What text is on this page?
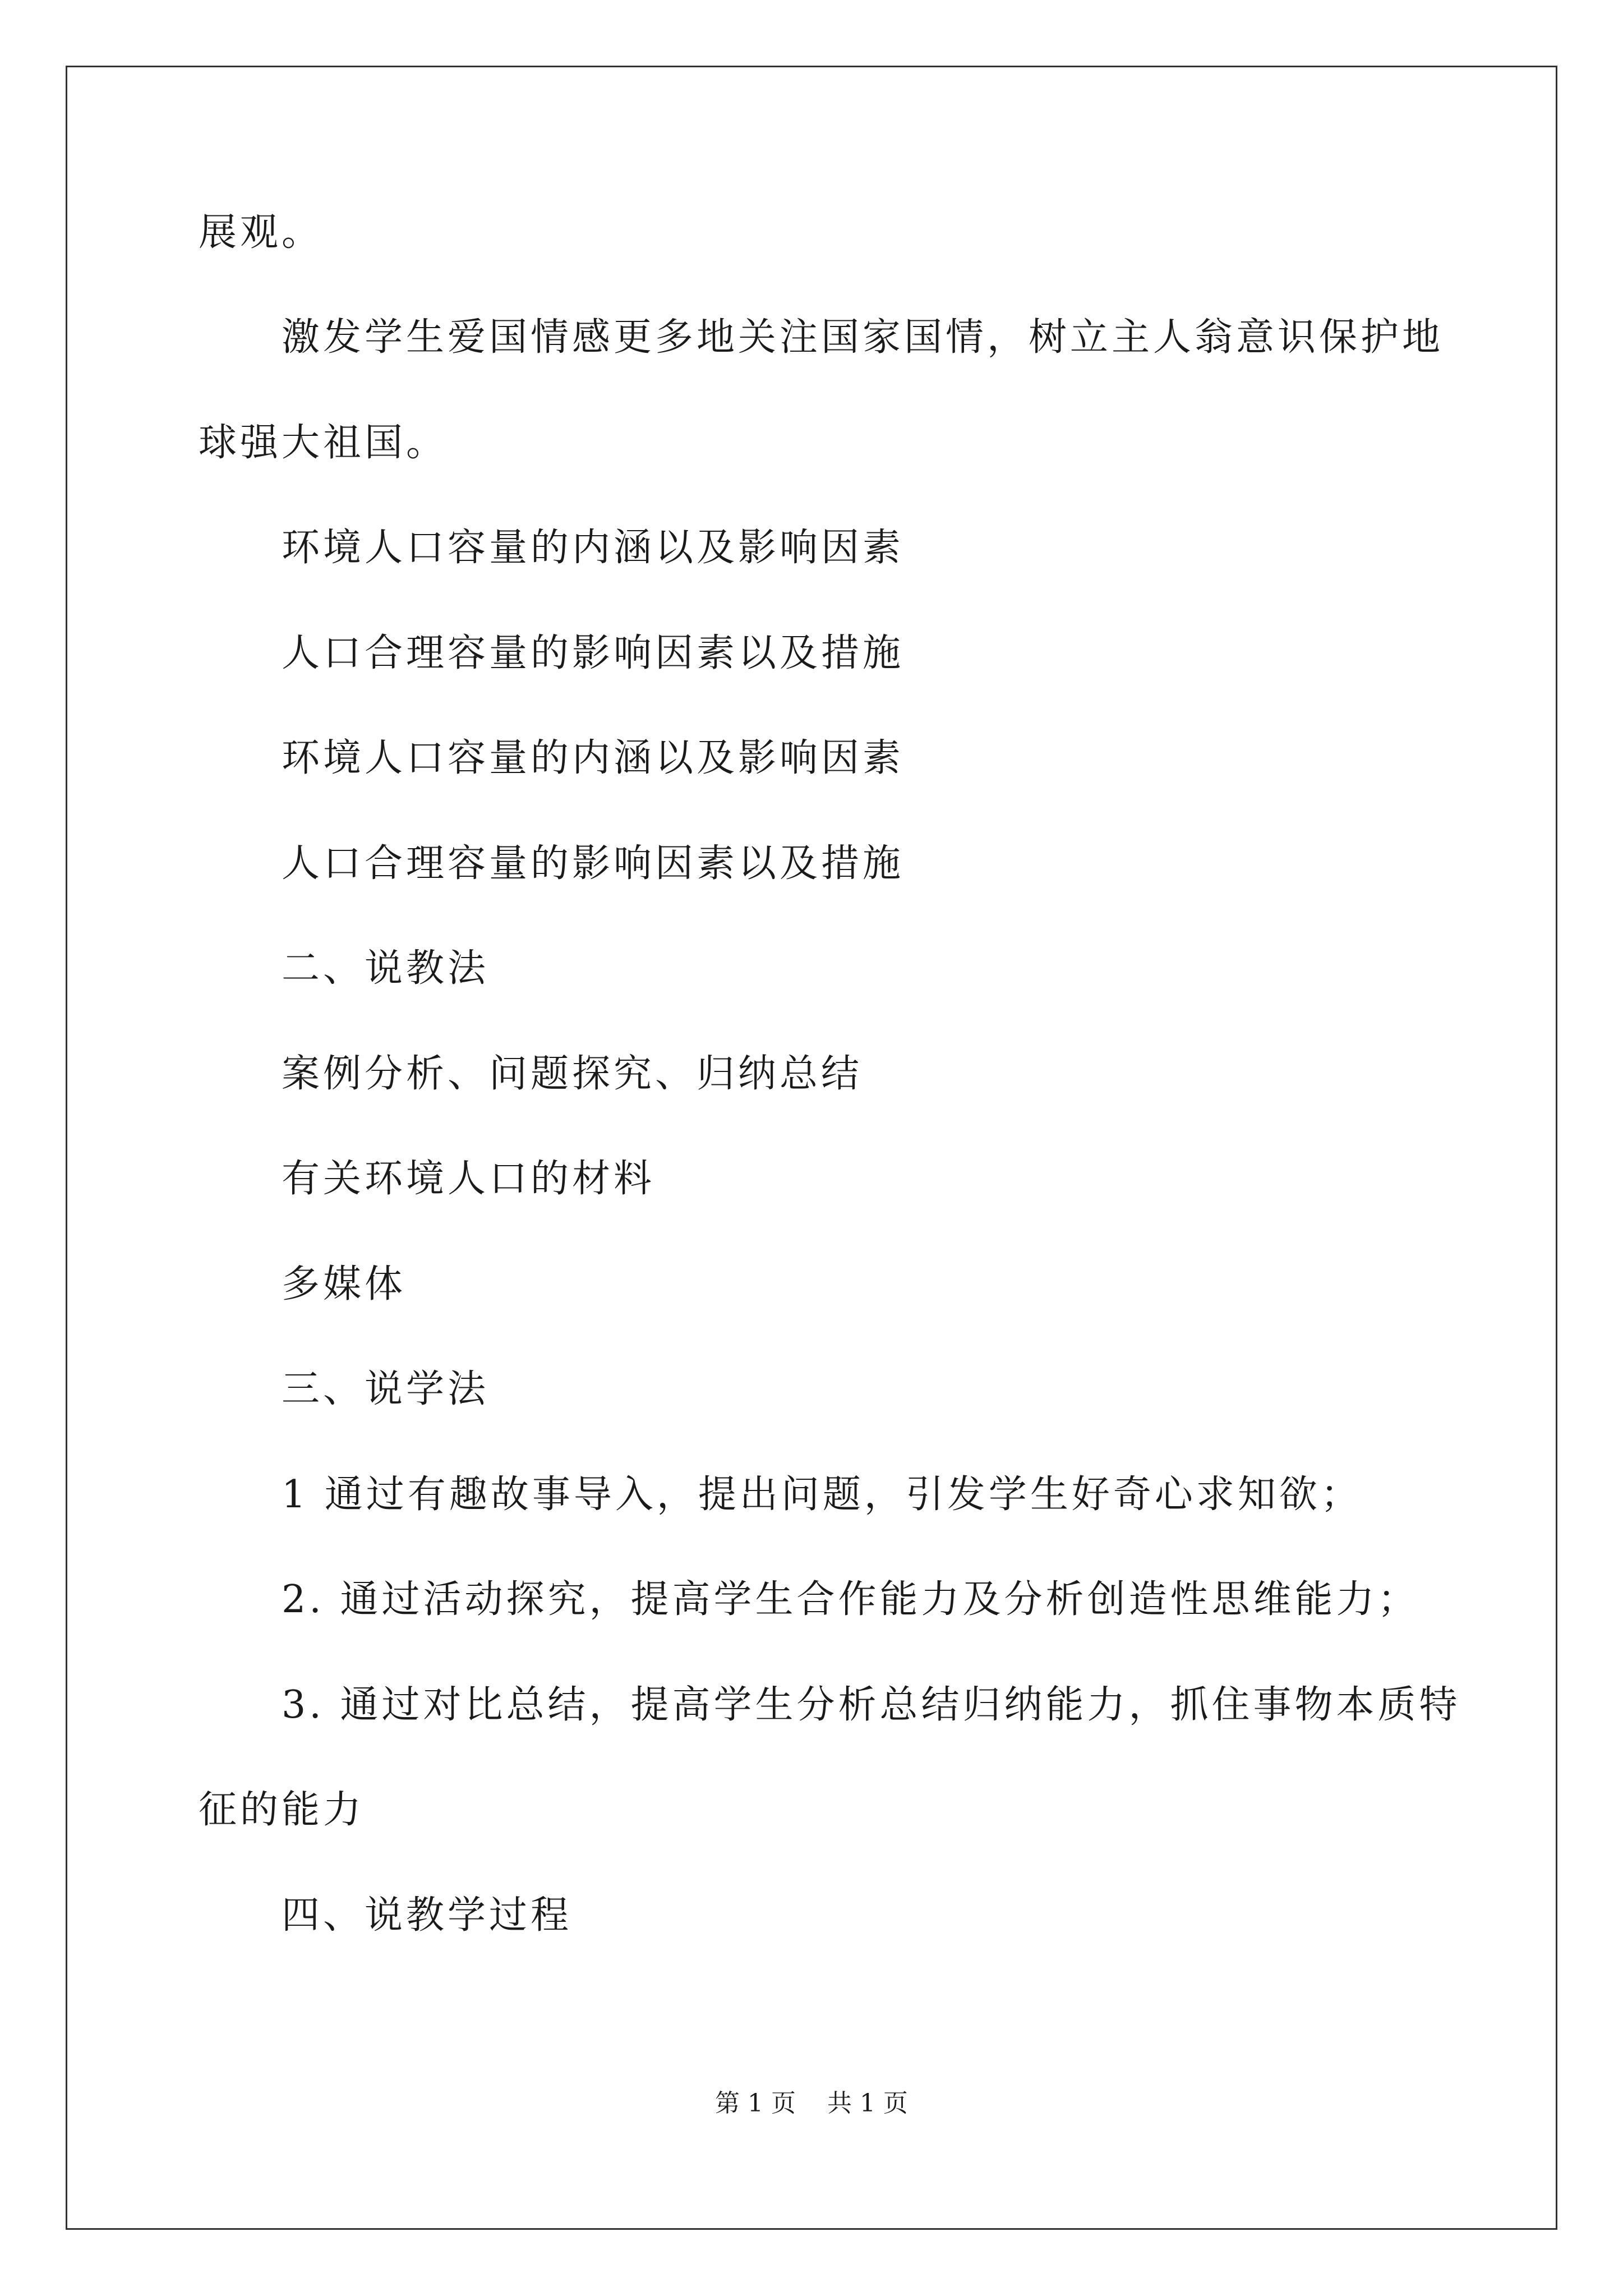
展观。
激发学生爱国情感更多地关注国家国情，树立主人翁意识保护地
球强大祖国。
环境人口容量的内涵以及影响因素
人口合理容量的影响因素以及措施
环境人口容量的内涵以及影响因素
人口合理容量的影响因素以及措施
二、说教法
案例分析、问题探究、归纳总结
有关环境人口的材料
多媒体
三、说学法
1 通过有趣故事导入，提出问题，引发学生好奇心求知欲；
2. 通过活动探究，提高学生合作能力及分析创造性思维能力；
3. 通过对比总结，提高学生分析总结归纳能力，抓住事物本质特
征的能力
四、说教学过程
第 1 页 共 1 页
